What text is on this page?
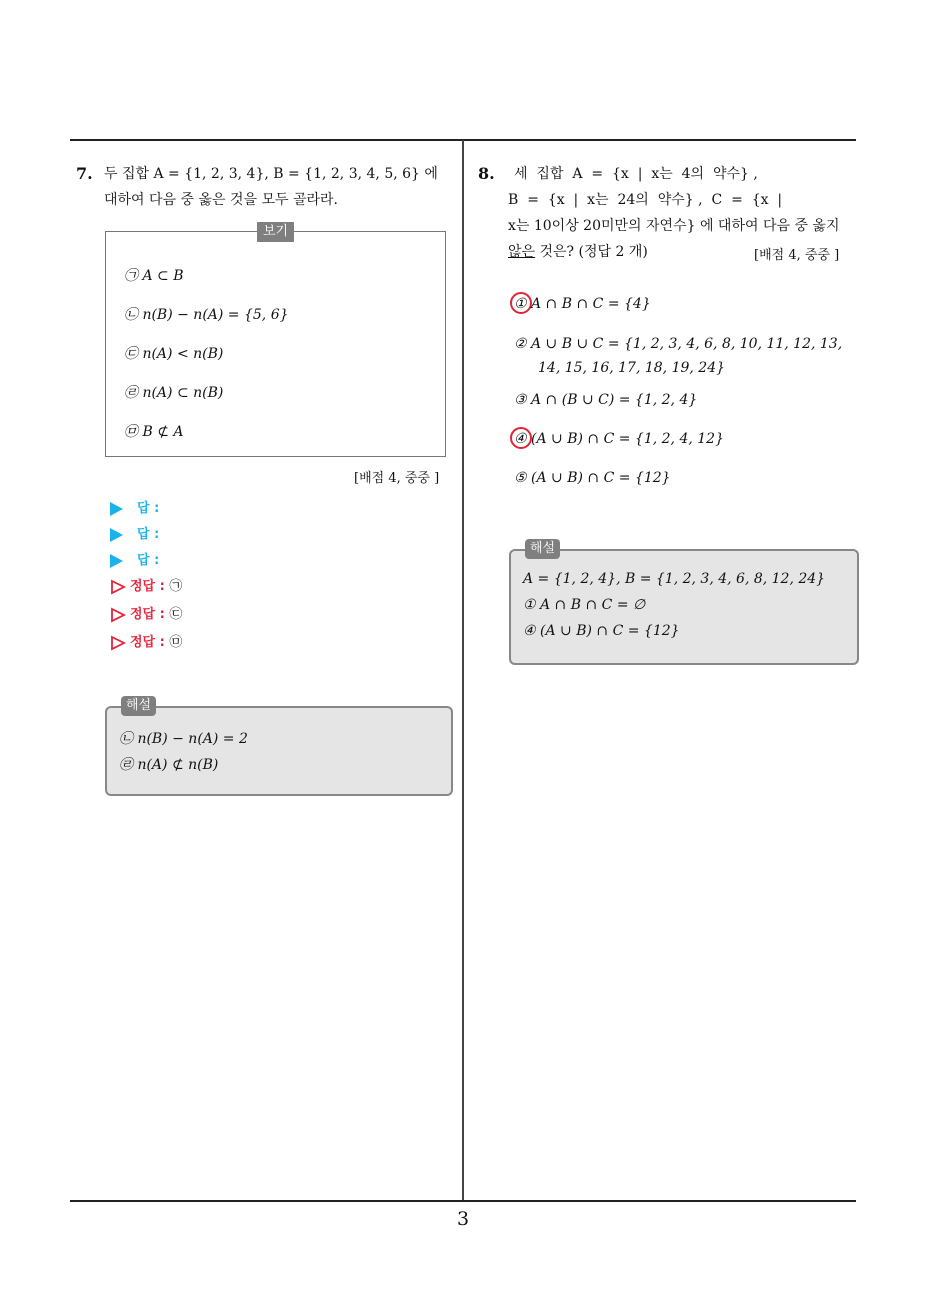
7. 두 집합 A = {1, 2, 3, 4}, B = {1, 2, 3, 4, 5, 6} 에
대하여 다음 중 옳은 것을 모두 골라라.
보기
㉠ A ⊂ B
㉡ n(B) − n(A) = {5, 6}
㉢ n(A) < n(B)
㉣ n(A) ⊂ n(B)
㉤ B ⊄ A
[배점 4, 중중 ]
답 :
답 :
답 :
정답 : ㉠
정답 : ㉢
정답 : ㉤
해설
㉡ n(B) − n(A) = 2
㉣ n(A) ⊄ n(B)
8. 세  집합  A  =  {x  |  x는  4의  약수} ,
B  =  {x  |  x는  24의  약수} ,  C  =  {x  |
x는 10이상 20미만의 자연수} 에 대하여 다음 중 옳지
않은 것은? (정답 2 개)	[배점 4, 중중 ]
① A ∩ B ∩ C = {4}
② A ∪ B ∪ C = {1, 2, 3, 4, 6, 8, 10, 11, 12, 13,
14, 15, 16, 17, 18, 19, 24}
③ A ∩ (B ∪ C) = {1, 2, 4}
④ (A ∪ B) ∩ C = {1, 2, 4, 12}
⑤ (A ∪ B) ∩ C = {12}
해설
A = {1, 2, 4}, B = {1, 2, 3, 4, 6, 8, 12, 24}
① A ∩ B ∩ C = ∅
④ (A ∪ B) ∩ C = {12}
3
